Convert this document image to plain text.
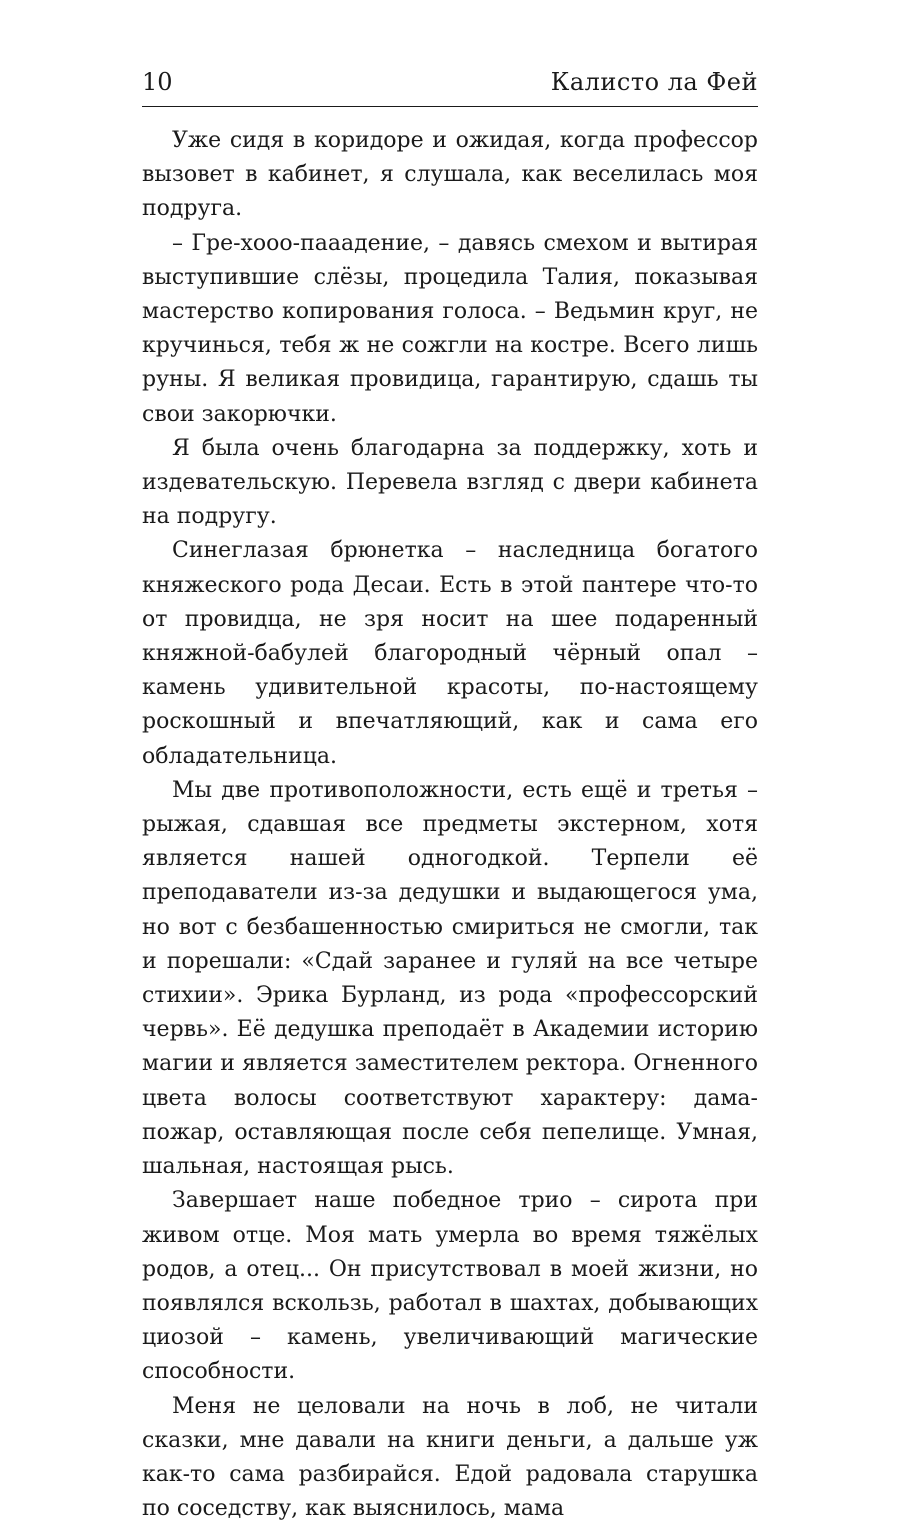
10	Калисто ла Фей

Уже сидя в коридоре и ожидая, когда профессор вызовет в кабинет, я слушала, как веселилась моя подруга.

– Гре-хооо-пааадение, – давясь смехом и вытирая выступившие слёзы, процедила Талия, показывая мастерство копирования голоса. – Ведьмин круг, не кручинься, тебя ж не сожгли на костре. Всего лишь руны. Я великая провидица, гарантирую, сдашь ты свои закорючки.

Я была очень благодарна за поддержку, хоть и издевательскую. Перевела взгляд с двери кабинета на подругу.

Синеглазая брюнетка – наследница богатого княжеского рода Десаи. Есть в этой пантере что-то от провидца, не зря носит на шее подаренный княжной-бабулей благородный чёрный опал – камень удивительной красоты, по-настоящему роскошный и впечатляющий, как и сама его обладательница.

Мы две противоположности, есть ещё и третья – рыжая, сдавшая все предметы экстерном, хотя является нашей одногодкой. Терпели её преподаватели из-за дедушки и выдающегося ума, но вот с безбашенностью смириться не смогли, так и порешали: «Сдай заранее и гуляй на все четыре стихии». Эрика Бурланд, из рода «профессорский червь». Её дедушка преподаёт в Академии историю магии и является заместителем ректора. Огненного цвета волосы соответствуют характеру: дама-пожар, оставляющая после себя пепелище. Умная, шальная, настоящая рысь.

Завершает наше победное трио – сирота при живом отце. Моя мать умерла во время тяжёлых родов, а отец... Он присутствовал в моей жизни, но появлялся вскользь, работал в шахтах, добывающих циозой – камень, увеличивающий магические способности.

Меня не целовали на ночь в лоб, не читали сказки, мне давали на книги деньги, а дальше уж как-то сама разбирайся. Едой радовала старушка по соседству, как выяснилось, мама
